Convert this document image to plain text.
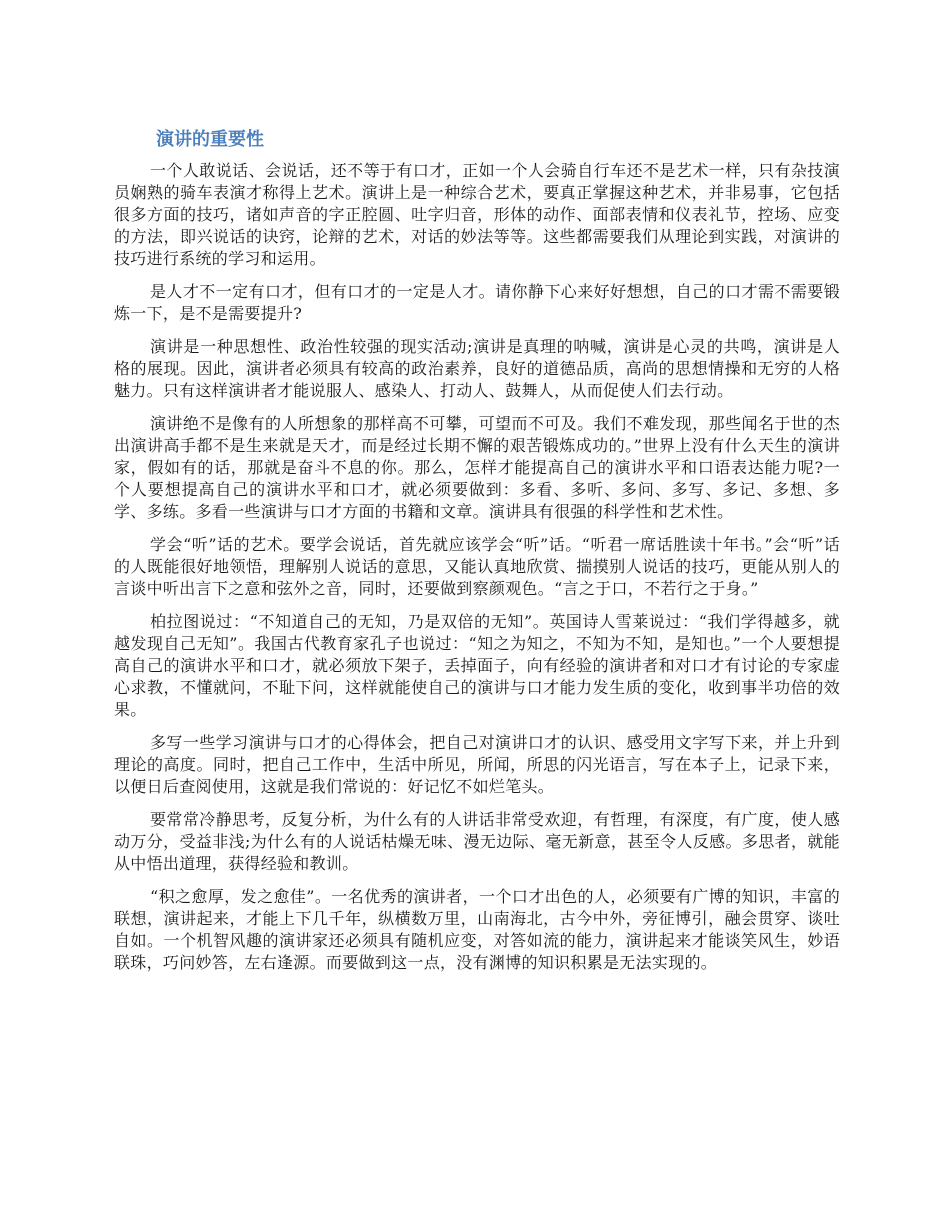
演讲的重要性

一个人敢说话、会说话，还不等于有口才，正如一个人会骑自行车还不是艺术一样，只有杂技演员娴熟的骑车表演才称得上艺术。演讲上是一种综合艺术，要真正掌握这种艺术，并非易事，它包括很多方面的技巧，诸如声音的字正腔圆、吐字归音，形体的动作、面部表情和仪表礼节，控场、应变的方法，即兴说话的诀窍，论辩的艺术，对话的妙法等等。这些都需要我们从理论到实践，对演讲的技巧进行系统的学习和运用。

是人才不一定有口才，但有口才的一定是人才。请你静下心来好好想想，自己的口才需不需要锻炼一下，是不是需要提升?

演讲是一种思想性、政治性较强的现实活动;演讲是真理的呐喊，演讲是心灵的共鸣，演讲是人格的展现。因此，演讲者必须具有较高的政治素养，良好的道德品质，高尚的思想情操和无穷的人格魅力。只有这样演讲者才能说服人、感染人、打动人、鼓舞人，从而促使人们去行动。

演讲绝不是像有的人所想象的那样高不可攀，可望而不可及。我们不难发现，那些闻名于世的杰出演讲高手都不是生来就是天才，而是经过长期不懈的艰苦锻炼成功的。”世界上没有什么天生的演讲家，假如有的话，那就是奋斗不息的你。那么，怎样才能提高自己的演讲水平和口语表达能力呢?一个人要想提高自己的演讲水平和口才，就必须要做到：多看、多听、多问、多写、多记、多想、多学、多练。多看一些演讲与口才方面的书籍和文章。演讲具有很强的科学性和艺术性。

学会“听”话的艺术。要学会说话，首先就应该学会“听”话。“听君一席话胜读十年书。”会“听”话的人既能很好地领悟，理解别人说话的意思，又能认真地欣赏、揣摸别人说话的技巧，更能从别人的言谈中听出言下之意和弦外之音，同时，还要做到察颜观色。“言之于口，不若行之于身。”

柏拉图说过：“不知道自己的无知，乃是双倍的无知”。英国诗人雪莱说过：“我们学得越多，就越发现自己无知”。我国古代教育家孔子也说过：“知之为知之，不知为不知，是知也。”一个人要想提高自己的演讲水平和口才，就必须放下架子，丢掉面子，向有经验的演讲者和对口才有讨论的专家虚心求教，不懂就问，不耻下问，这样就能使自己的演讲与口才能力发生质的变化，收到事半功倍的效果。

多写一些学习演讲与口才的心得体会，把自己对演讲口才的认识、感受用文字写下来，并上升到理论的高度。同时，把自己工作中，生活中所见，所闻，所思的闪光语言，写在本子上，记录下来，以便日后查阅使用，这就是我们常说的：好记忆不如烂笔头。

要常常冷静思考，反复分析，为什么有的人讲话非常受欢迎，有哲理，有深度，有广度，使人感动万分，受益非浅;为什么有的人说话枯燥无味、漫无边际、毫无新意，甚至令人反感。多思者，就能从中悟出道理，获得经验和教训。

“积之愈厚，发之愈佳”。一名优秀的演讲者，一个口才出色的人，必须要有广博的知识，丰富的联想，演讲起来，才能上下几千年，纵横数万里，山南海北，古今中外，旁征博引，融会贯穿、谈吐自如。一个机智风趣的演讲家还必须具有随机应变，对答如流的能力，演讲起来才能谈笑风生，妙语联珠，巧问妙答，左右逢源。而要做到这一点，没有渊博的知识积累是无法实现的。
